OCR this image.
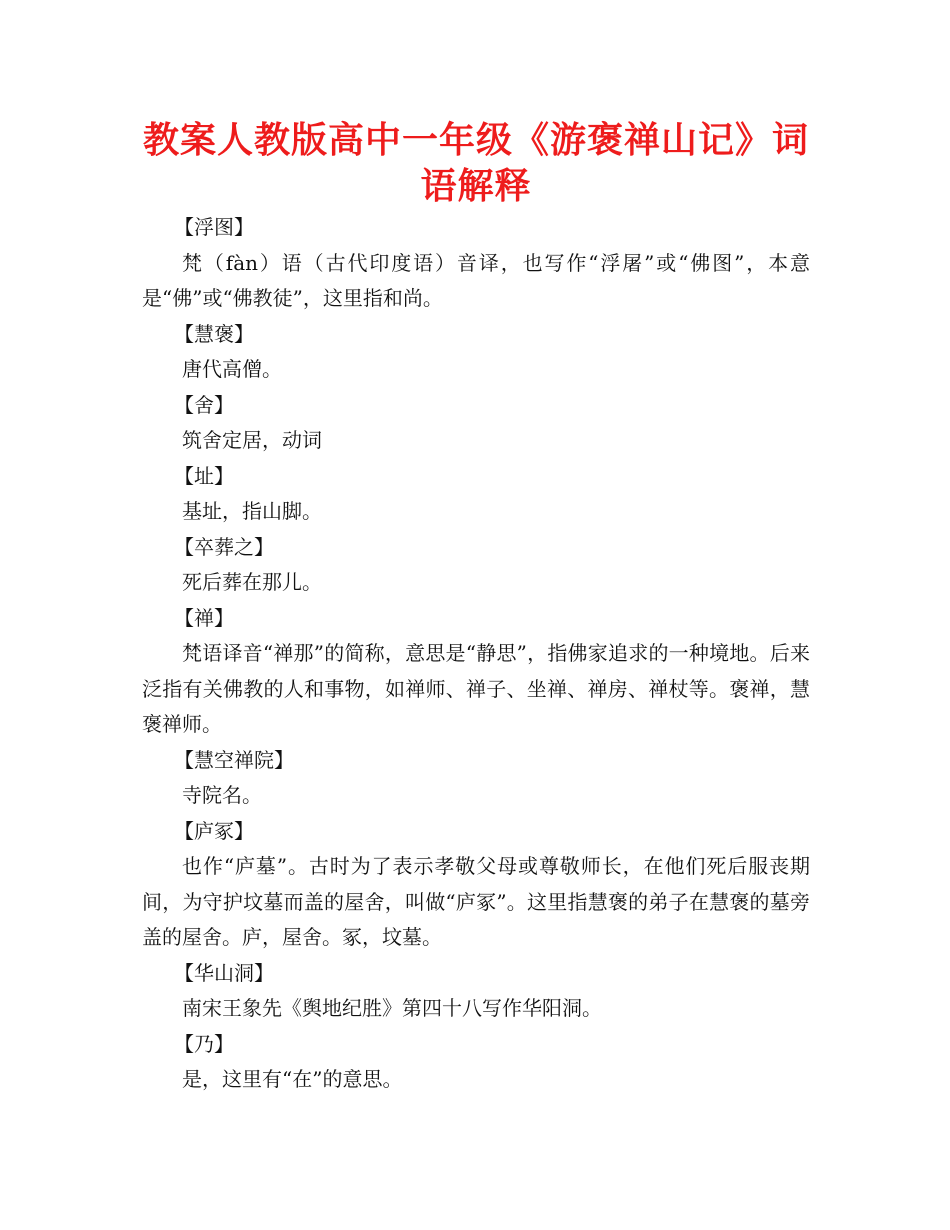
教案人教版高中一年级《游褒禅山记》词语解释

【浮图】

梵（fàn）语（古代印度语）音译，也写作“浮屠”或“佛图”，本意是“佛”或“佛教徒”，这里指和尚。

【慧褒】

唐代高僧。

【舍】

筑舍定居，动词

【址】

基址，指山脚。

【卒葬之】

死后葬在那儿。

【禅】

梵语译音“禅那”的简称，意思是“静思”，指佛家追求的一种境地。后来泛指有关佛教的人和事物，如禅师、禅子、坐禅、禅房、禅杖等。褒禅，慧褒禅师。

【慧空禅院】

寺院名。

【庐冢】

也作“庐墓”。古时为了表示孝敬父母或尊敬师长，在他们死后服丧期间，为守护坟墓而盖的屋舍，叫做“庐冢”。这里指慧褒的弟子在慧褒的墓旁盖的屋舍。庐，屋舍。冢，坟墓。

【华山洞】

南宋王象先《舆地纪胜》第四十八写作华阳洞。

【乃】

是，这里有“在”的意思。
